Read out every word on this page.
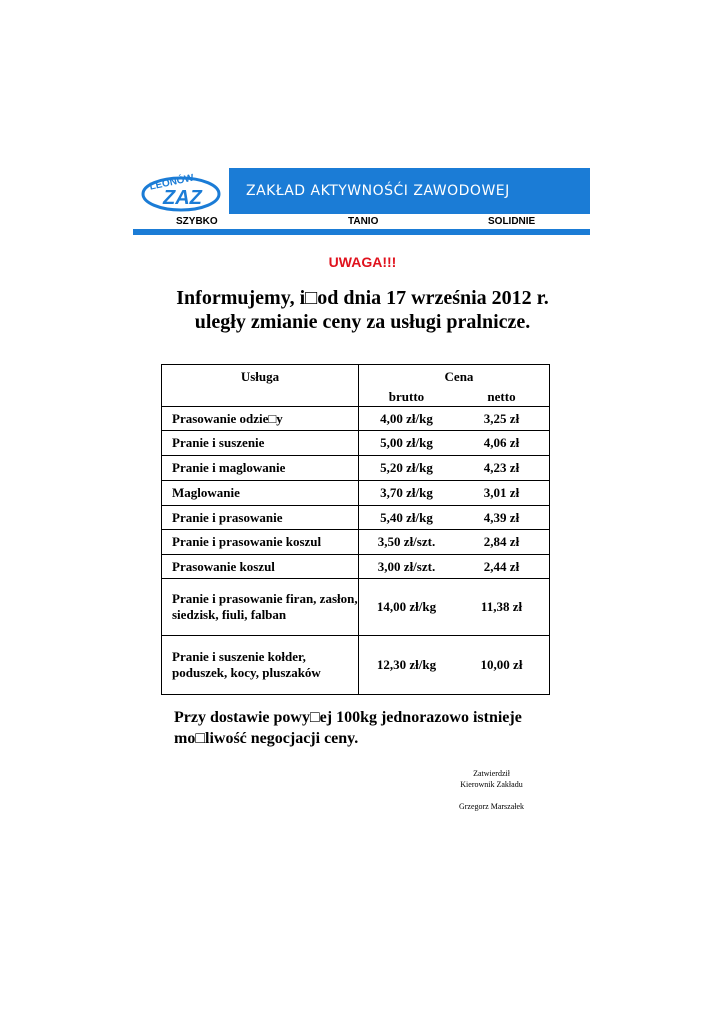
LEONÓW
ZAZ	ZAKŁAD AKTYWNOŚĆI ZAWODOWEJ
SZYBKO	TANIO	SOLIDNIE
UWAGA!!!
Informujemy, i□od dnia 17 września 2012 r.
uległy zmianie ceny za usługi pralnicze.
Usługa	Cena
brutto netto

Prasowanie odzie□y	4,00 zł/kg 3,25 zł

Pranie i suszenie	5,00 zł/kg 4,06 zł

Pranie i maglowanie	5,20 zł/kg 4,23 zł

Maglowanie	3,70 zł/kg 3,01 zł

Pranie i prasowanie	5,40 zł/kg 4,39 zł

Pranie i prasowanie koszul	3,50 zł/szt. 2,84 zł

Prasowanie koszul	3,00 zł/szt. 2,44 zł

Pranie i prasowanie firan, zasłon, siedzisk, fiuli, falban	14,00 zł/kg 11,38 zł

Pranie i suszenie kołder, poduszek, kocy, pluszaków	12,30 zł/kg 10,00 zł
Przy dostawie powy□ej 100kg jednorazowo istnieje
mo□liwość negocjacji ceny.
Zatwierdził
Kierownik Zakładu
Grzegorz Marszałek
